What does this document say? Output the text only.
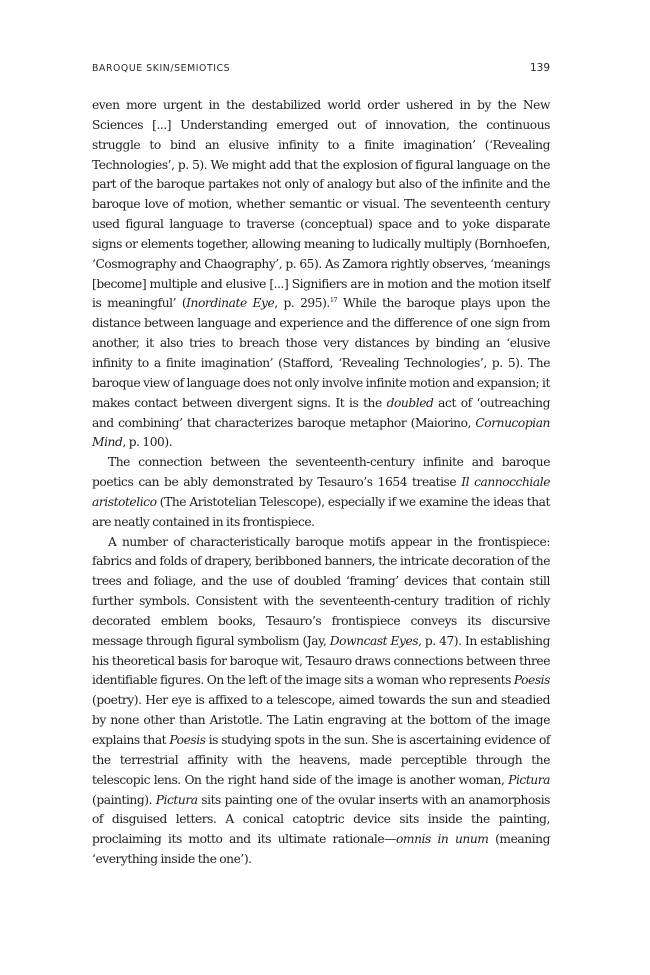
BAROQUE SKIN/SEMIOTICS	139

even more urgent in the destabilized world order ushered in by the New Sciences [...] Understanding emerged out of innovation, the continuous struggle to bind an elusive infinity to a finite imagination’ (‘Revealing Technologies’, p. 5). We might add that the explosion of figural language on the part of the baroque partakes not only of analogy but also of the infinite and the baroque love of motion, whether semantic or visual. The seventeenth century used figural language to traverse (conceptual) space and to yoke disparate signs or elements together, allowing meaning to ludically multiply (Bornhoefen, ‘Cosmography and Chaography’, p. 65). As Zamora rightly observes, ‘meanings [become] multiple and elusive [...] Signifiers are in motion and the motion itself is meaningful’ (Inordinate Eye, p. 295).$^{17}$ While the baroque plays upon the distance between language and experience and the difference of one sign from another, it also tries to breach those very distances by binding an ‘elusive infinity to a finite imagination’ (Stafford, ‘Revealing Technologies’, p. 5). The baroque view of language does not only involve infinite motion and expansion; it makes contact between divergent signs. It is the doubled act of ‘outreaching and combining’ that characterizes baroque metaphor (Maiorino, Cornucopian Mind, p. 100).

The connection between the seventeenth-century infinite and baroque poetics can be ably demonstrated by Tesauro’s 1654 treatise Il cannocchiale aristotelico (The Aristotelian Telescope), especially if we examine the ideas that are neatly contained in its frontispiece.

A number of characteristically baroque motifs appear in the frontispiece: fabrics and folds of drapery, beribboned banners, the intricate decoration of the trees and foliage, and the use of doubled ‘framing’ devices that contain still further symbols. Consistent with the seventeenth-century tradition of richly decorated emblem books, Tesauro’s frontispiece conveys its discursive message through figural symbolism (Jay, Downcast Eyes, p. 47). In establishing his theoretical basis for baroque wit, Tesauro draws connections between three identifiable figures. On the left of the image sits a woman who represents Poesis (poetry). Her eye is affixed to a telescope, aimed towards the sun and steadied by none other than Aristotle. The Latin engraving at the bottom of the image explains that Poesis is studying spots in the sun. She is ascertaining evidence of the terrestrial affinity with the heavens, made perceptible through the telescopic lens. On the right hand side of the image is another woman, Pictura (painting). Pictura sits painting one of the ovular inserts with an anamorphosis of disguised letters. A conical catoptric device sits inside the painting, proclaiming its motto and its ultimate rationale—omnis in unum (meaning ‘everything inside the one’).
